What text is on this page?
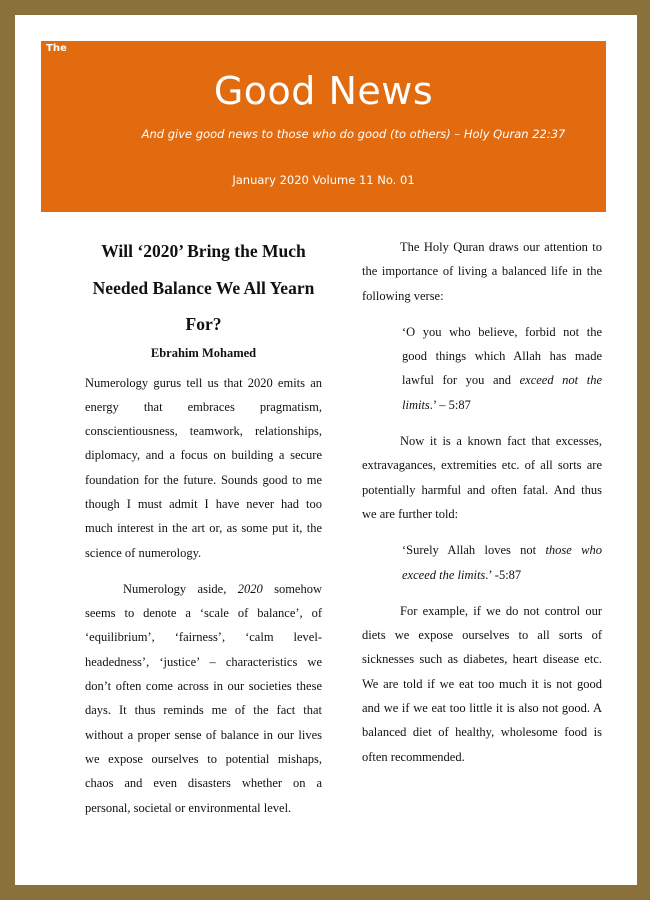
The
Good News
And give good news to those who do good (to others) – Holy Quran 22:37
January 2020 Volume 11 No. 01
Will ‘2020’ Bring the Much Needed Balance We All Yearn For?
Ebrahim Mohamed

Numerology gurus tell us that 2020 emits an energy that embraces pragmatism, conscientiousness, teamwork, relationships, diplomacy, and a focus on building a secure foundation for the future. Sounds good to me though I must admit I have never had too much interest in the art or, as some put it, the science of numerology.

Numerology aside, 2020 somehow seems to denote a ‘scale of balance’, of ‘equilibrium’, ‘fairness’, ‘calm level-headedness’, ‘justice’ – characteristics we don’t often come across in our societies these days. It thus reminds me of the fact that without a proper sense of balance in our lives we expose ourselves to potential mishaps, chaos and even disasters whether on a personal, societal or environmental level.

The Holy Quran draws our attention to the importance of living a balanced life in the following verse:

‘O you who believe, forbid not the good things which Allah has made lawful for you and exceed not the limits.’ – 5:87

Now it is a known fact that excesses, extravagances, extremities etc. of all sorts are potentially harmful and often fatal. And thus we are further told:

‘Surely Allah loves not those who exceed the limits.’ -5:87

For example, if we do not control our diets we expose ourselves to all sorts of sicknesses such as diabetes, heart disease etc. We are told if we eat too much it is not good and we if we eat too little it is also not good. A balanced diet of healthy, wholesome food is often recommended.
